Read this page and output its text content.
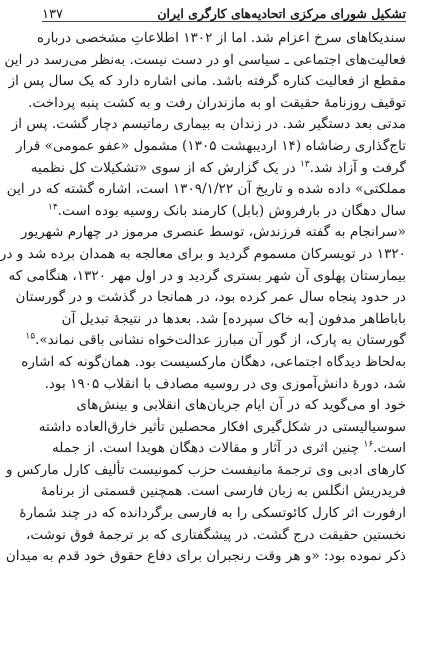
تشکیل شورای مرکزی اتحادیه‌های کارگری ایران
۱۳۷
سندیکاهای سرخ اعزام شد. اما از ۱۳۰۲ اطلاعاتِ مشخصی درباره
فعالیت‌های اجتماعی ـ سیاسی او در دست نیست. به‌نظر می‌رسد در این
مقطع از فعالیت کناره گرفته باشد. مانی اشاره دارد که یک سال پس از
توقیف روزنامهٔ حقیقت او به مازندران رفت و به کشت پنبه پرداخت.
مدتی بعد دستگیر شد. در زندان به بیماری رماتیسم دچار گشت. پس از
تاج‌گذاری رضاشاه (۱۴ اردیبهشت ۱۳۰۵) مشمول «عفو عمومی» قرار
گرفت و آزاد شد.$^{۱۳}$ در یک گزارش که از سوی «تشکیلات کل نظمیه
مملکتی» داده شده و تاریخ آن ۱۳۰۹/۱/۲۲ است، اشاره گشته که در این
سال دهگان در بارفروش (بابل) کارمند بانک روسیه بوده است.$^{۱۴}$
«سرانجام به گفته فرزندش، توسط عنصری مرموز در چهارم شهریور
۱۳۲۰ در تویسرکان مسموم گردید و برای معالجه به همدان برده شد و در
بیمارستان پهلوی آن شهر بستری گردید و در اول مهر ۱۳۲۰، هنگامی که
در حدود پنجاه سال عمر کرده بود، در همانجا در گذشت و در گورستان
باباطاهر مدفون [به خاک سپرده] شد. بعدها در نتیجهٔ تبدیل آن
گورستان به پارک، از گور آن مبارز عدالت‌خواه نشانی باقی نماند».$^{۱۵}$
به‌لحاظ دیدگاه اجتماعی، دهگان مارکسیست بود. همان‌گونه که اشاره
شد، دورهٔ دانش‌آموزی وی در روسیه مصادف با انقلاب ۱۹۰۵ بود.
خود او می‌گوید که در آن ایام جریان‌های انقلابی و بینش‌های
سوسیالیستی در شکل‌گیری افکار محصلین تأثیر خارق‌العاده داشته
است.$^{۱۶}$ چنین اثری در آثار و مقالات دهگان هویدا است. از جمله
کارهای ادبی وی ترجمهٔ مانیفست حزب کمونیست تألیف کارل مارکس و
فریدریش انگلس به زبان فارسی است. همچنین قسمتی از برنامهٔ
ارفورت اثر کارل کائوتسکی را به فارسی برگردانده که در چند شمارهٔ
نخستین حقیقت درج گشت. در پیشگفتاری که بر ترجمهٔ فوق نوشت،
ذکر نموده بود: «و هر وقت رنجبران برای دفاع حقوق خود قدم به میدان
